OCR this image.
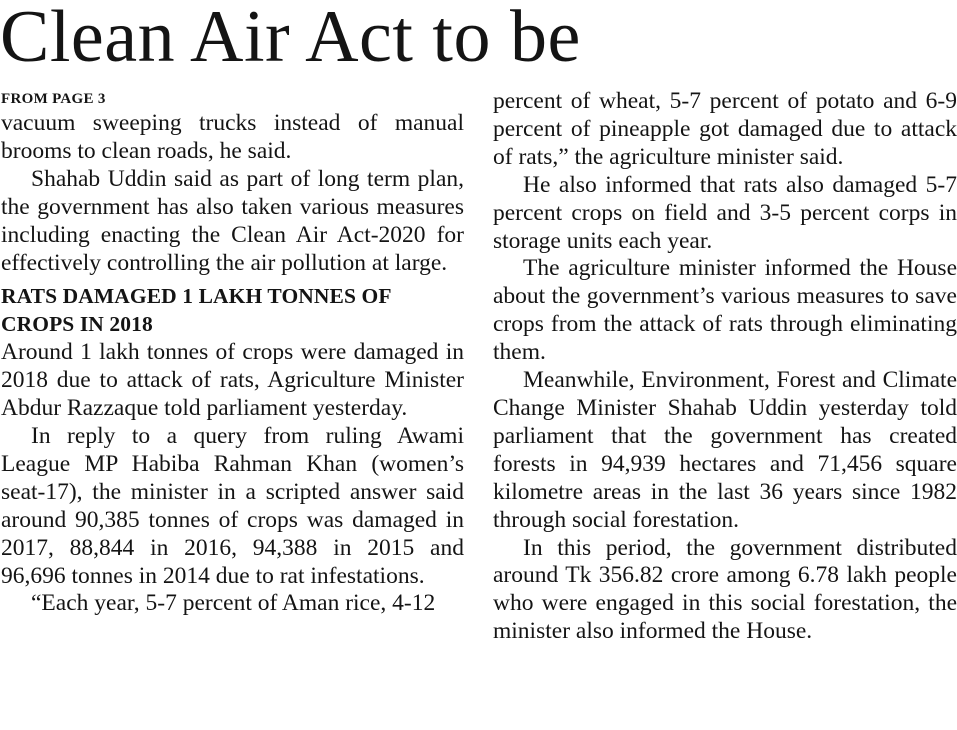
Clean Air Act to be
FROM PAGE 3

vacuum sweeping trucks instead of manual brooms to clean roads, he said.

Shahab Uddin said as part of long term plan, the government has also taken various measures including enacting the Clean Air Act-2020 for effectively controlling the air pollution at large.

RATS DAMAGED 1 LAKH TONNES OF CROPS IN 2018

Around 1 lakh tonnes of crops were damaged in 2018 due to attack of rats, Agriculture Minister Abdur Razzaque told parliament yesterday.

In reply to a query from ruling Awami League MP Habiba Rahman Khan (women’s seat-17), the minister in a scripted answer said around 90,385 tonnes of crops was damaged in 2017, 88,844 in 2016, 94,388 in 2015 and 96,696 tonnes in 2014 due to rat infestations.

“Each year, 5-7 percent of Aman rice, 4-12

percent of wheat, 5-7 percent of potato and 6-9 percent of pineapple got damaged due to attack of rats,” the agriculture minister said.

He also informed that rats also damaged 5-7 percent crops on field and 3-5 percent corps in storage units each year.

The agriculture minister informed the House about the government’s various measures to save crops from the attack of rats through eliminating them.

Meanwhile, Environment, Forest and Climate Change Minister Shahab Uddin yesterday told parliament that the government has created forests in 94,939 hectares and 71,456 square kilometre areas in the last 36 years since 1982 through social forestation.

In this period, the government distributed around Tk 356.82 crore among 6.78 lakh people who were engaged in this social forestation, the minister also informed the House.
